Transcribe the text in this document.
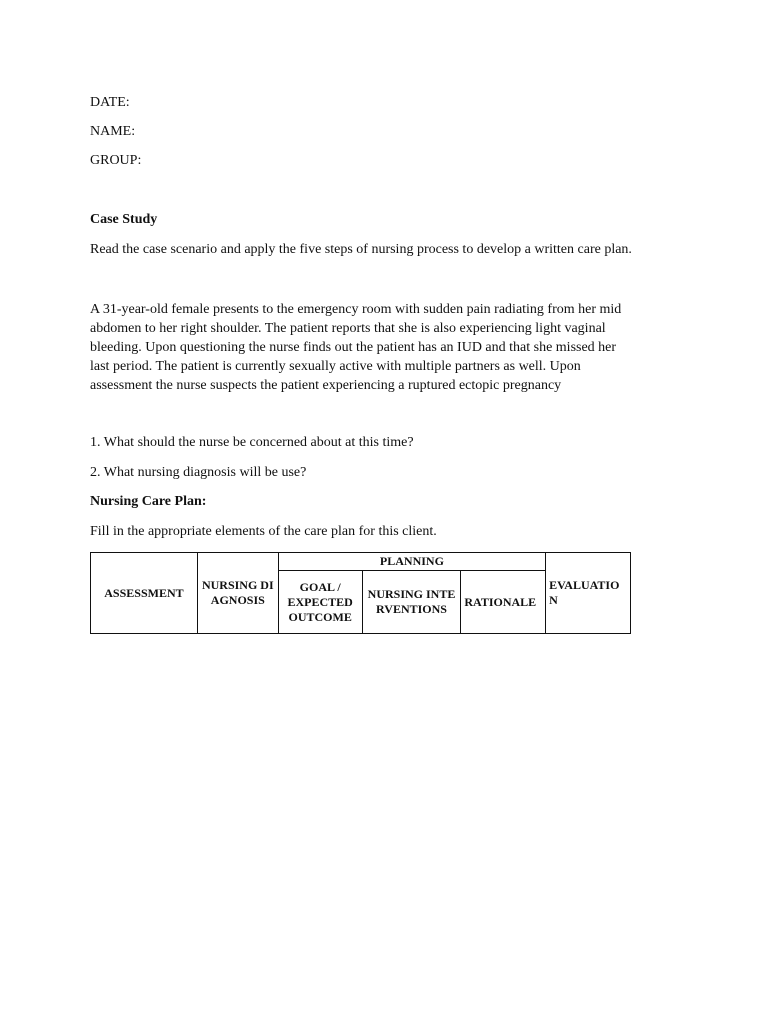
DATE:
NAME:
GROUP:
Case Study
Read the case scenario and apply the five steps of nursing process to develop a written care plan.
A 31-year-old female presents to the emergency room with sudden pain radiating from her mid
abdomen to her right shoulder. The patient reports that she is also experiencing light vaginal
bleeding. Upon questioning the nurse finds out the patient has an IUD and that she missed her
last period. The patient is currently sexually active with multiple partners as well. Upon
assessment the nurse suspects the patient experiencing a ruptured ectopic pregnancy
1. What should the nurse be concerned about at this time?
2. What nursing diagnosis will be use?
Nursing Care Plan:
Fill in the appropriate elements of the care plan for this client.
ASSESSMENT	NURSING DIAGNOSIS	PLANNING			EVALUATION
		GOAL / EXPECTED OUTCOME	NURSING INTERVENTIONS	RATIONALE	
